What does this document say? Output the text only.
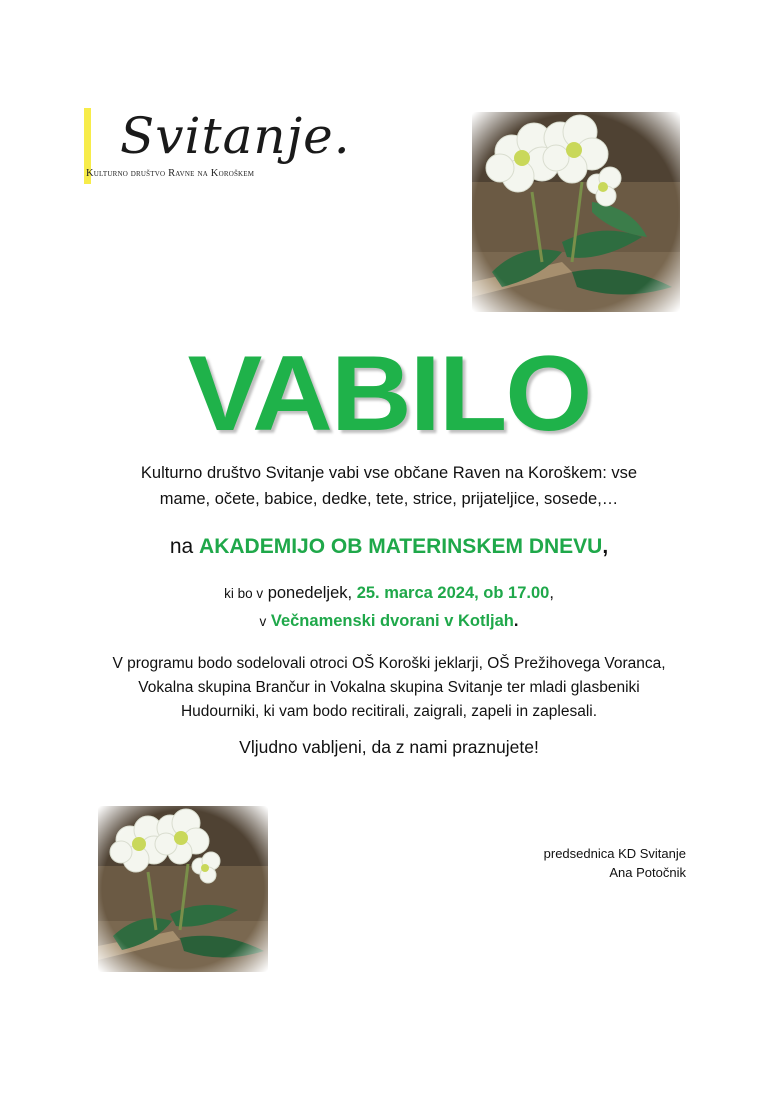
Svitanje.
Kulturno društvo Ravne na Koroškem
VABILO
Kulturno društvo Svitanje vabi vse občane Raven na Koroškem: vse
mame, očete, babice, dedke, tete, strice, prijateljice, sosede,…
na AKADEMIJO OB MATERINSKEM DNEVU,
ki bo v ponedeljek, 25. marca 2024, ob 17.00,
v Večnamenski dvorani v Kotljah.
V programu bodo sodelovali otroci OŠ Koroški jeklarji, OŠ Prežihovega Voranca,
Vokalna skupina Brančur in Vokalna skupina Svitanje ter mladi glasbeniki
Hudourniki, ki vam bodo recitirali, zaigrali, zapeli in zaplesali.
Vljudno vabljeni, da z nami praznujete!
predsednica KD Svitanje
Ana Potočnik
